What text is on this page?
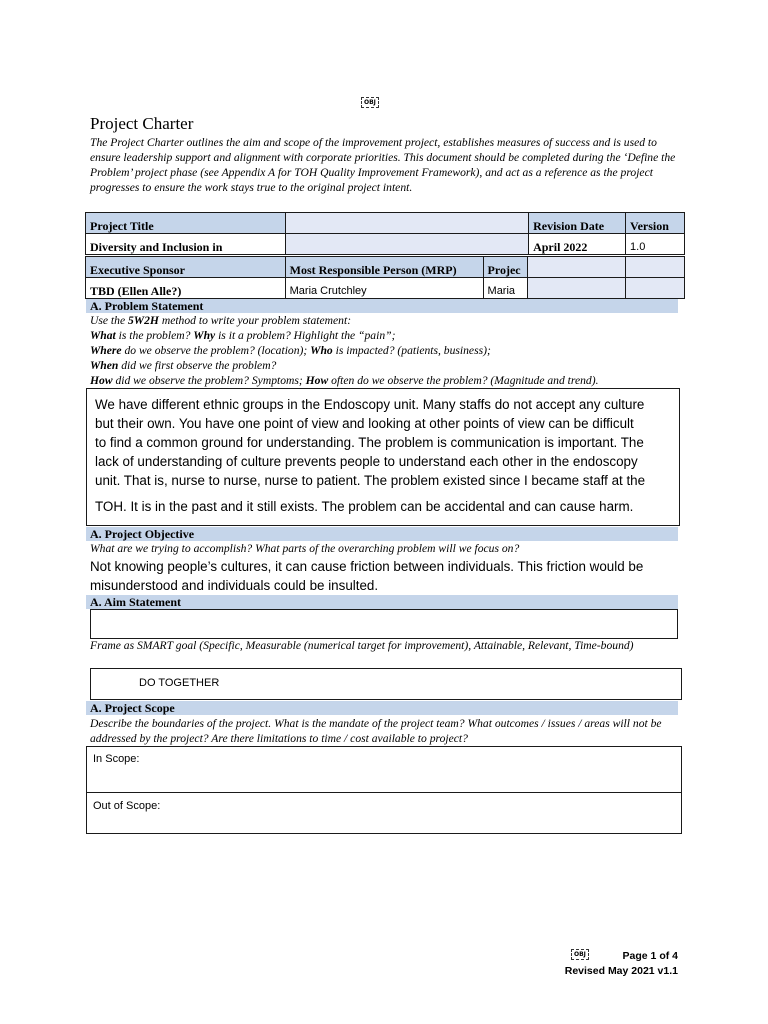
OBJ
Project Charter
The Project Charter outlines the aim and scope of the improvement project, establishes measures of success and is used to ensure leadership support and alignment with corporate priorities. This document should be completed during the ‘Define the Problem’ project phase (see Appendix A for TOH Quality Improvement Framework), and act as a reference as the project progresses to ensure the work stays true to the original project intent.
Project Title		Revision Date	Version
Diversity and Inclusion in		April 2022	1.0
Executive Sponsor	Most Responsible Person (MRP)	Projec		
TBD (Ellen Alle?)	Maria Crutchley	Maria		
A. Problem Statement
Use the 5W2H method to write your problem statement:
What is the problem? Why is it a problem? Highlight the “pain”;
Where do we observe the problem? (location); Who is impacted? (patients, business);
When did we first observe the problem?
How did we observe the problem? Symptoms; How often do we observe the problem? (Magnitude and trend).
We have different ethnic groups in the Endoscopy unit. Many staffs do not accept any culture
but their own. You have one point of view and looking at other points of view can be difficult
to find a common ground for understanding. The problem is communication is important. The
lack of understanding of culture prevents people to understand each other in the endoscopy
unit. That is, nurse to nurse, nurse to patient. The problem existed since I became staff at the
TOH. It is in the past and it still exists. The problem can be accidental and can cause harm.
A. Project Objective
What are we trying to accomplish? What parts of the overarching problem will we focus on?
Not knowing people’s cultures, it can cause friction between individuals. This friction would be misunderstood and individuals could be insulted.
A. Aim Statement
Frame as SMART goal (Specific, Measurable (numerical target for improvement), Attainable, Relevant, Time-bound)
DO TOGETHER
A. Project Scope
Describe the boundaries of the project. What is the mandate of the project team? What outcomes / issues / areas will not be addressed by the project? Are there limitations to time / cost available to project?
In Scope:
Out of Scope:
OBJ	Page 1 of 4
Revised May 2021 v1.1
